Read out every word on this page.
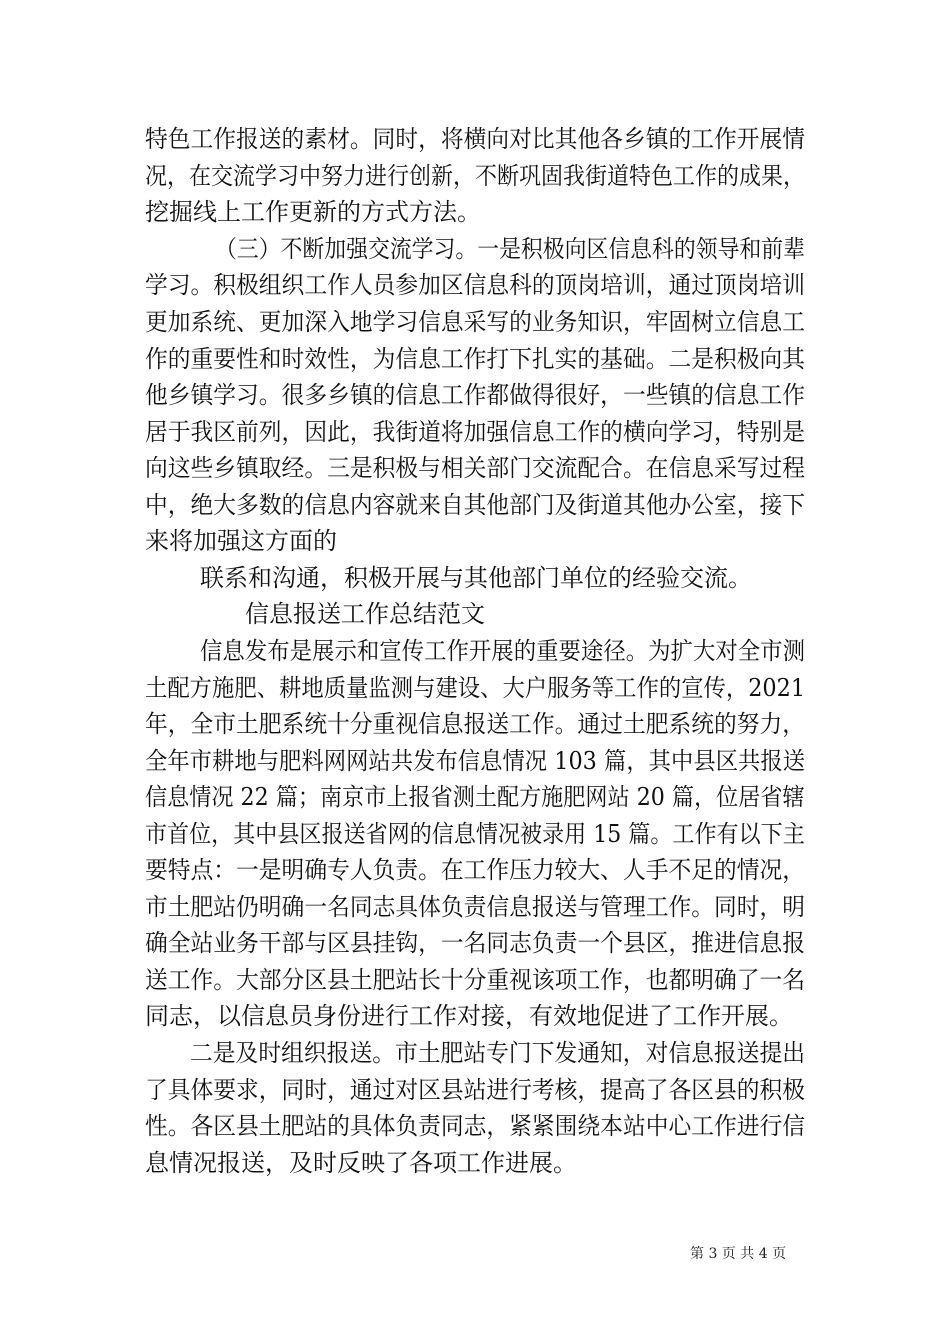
特色工作报送的素材。同时，将横向对比其他各乡镇的工作开展情
况，在交流学习中努力进行创新，不断巩固我街道特色工作的成果，
挖掘线上工作更新的方式方法。
（三）不断加强交流学习。一是积极向区信息科的领导和前辈
学习。积极组织工作人员参加区信息科的顶岗培训，通过顶岗培训
更加系统、更加深入地学习信息采写的业务知识，牢固树立信息工
作的重要性和时效性，为信息工作打下扎实的基础。二是积极向其
他乡镇学习。很多乡镇的信息工作都做得很好，一些镇的信息工作
居于我区前列，因此，我街道将加强信息工作的横向学习，特别是
向这些乡镇取经。三是积极与相关部门交流配合。在信息采写过程
中，绝大多数的信息内容就来自其他部门及街道其他办公室，接下
来将加强这方面的
联系和沟通，积极开展与其他部门单位的经验交流。
信息报送工作总结范文
信息发布是展示和宣传工作开展的重要途径。为扩大对全市测
土配方施肥、耕地质量监测与建设、大户服务等工作的宣传，2021
年，全市土肥系统十分重视信息报送工作。通过土肥系统的努力，
全年市耕地与肥料网网站共发布信息情况 103 篇，其中县区共报送
信息情况 22 篇；南京市上报省测土配方施肥网站 20 篇，位居省辖
市首位，其中县区报送省网的信息情况被录用 15 篇。工作有以下主
要特点：一是明确专人负责。在工作压力较大、人手不足的情况，
市土肥站仍明确一名同志具体负责信息报送与管理工作。同时，明
确全站业务干部与区县挂钩，一名同志负责一个县区，推进信息报
送工作。大部分区县土肥站长十分重视该项工作，也都明确了一名
同志，以信息员身份进行工作对接，有效地促进了工作开展。
二是及时组织报送。市土肥站专门下发通知，对信息报送提出
了具体要求，同时，通过对区县站进行考核，提高了各区县的积极
性。各区县土肥站的具体负责同志，紧紧围绕本站中心工作进行信
息情况报送，及时反映了各项工作进展。
第 3 页 共 4 页
